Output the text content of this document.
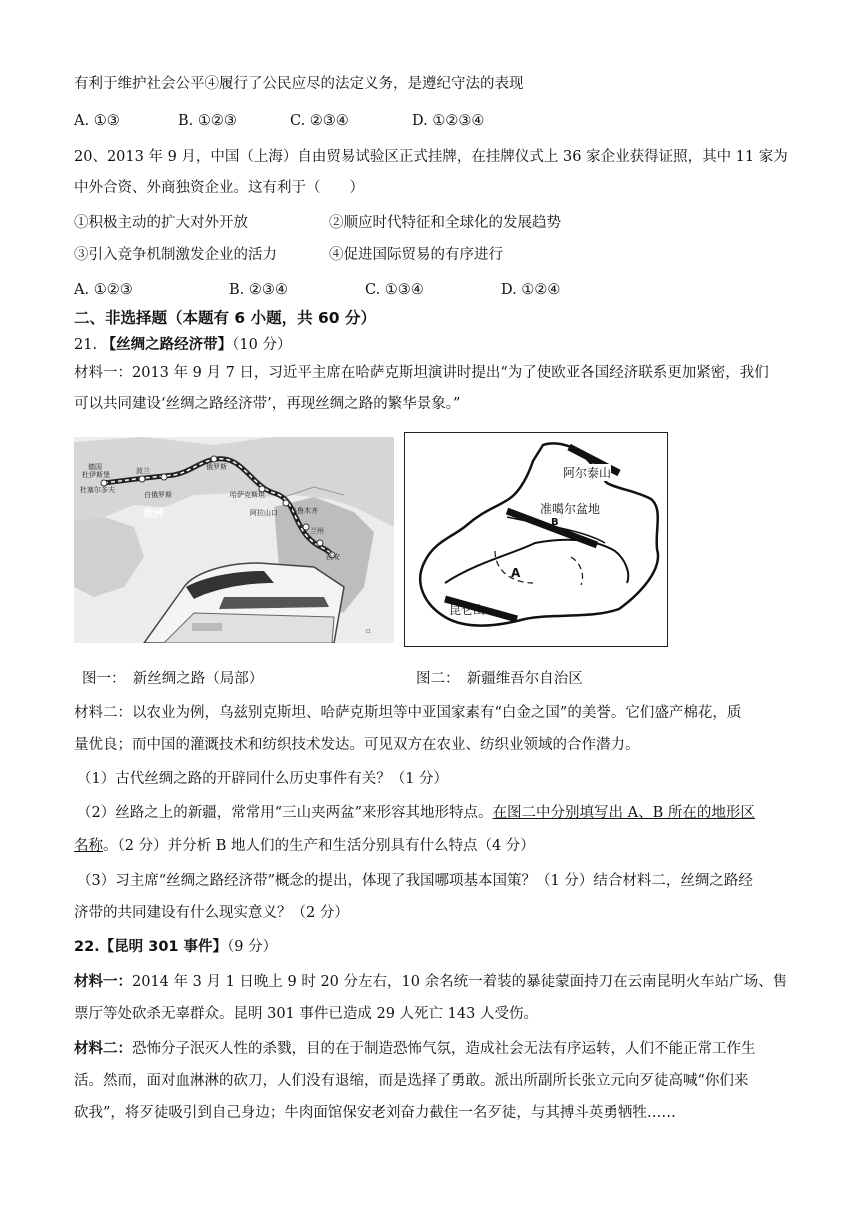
有利于维护社会公平④履行了公民应尽的法定义务，是遵纪守法的表现
A. ①③	B. ①②③	C. ②③④	D. ①②③④
20、2013 年 9 月，中国（上海）自由贸易试验区正式挂牌，在挂牌仪式上 36 家企业获得证照，其中 11 家为
中外合资、外商独资企业。这有利于（　　）
①积极主动的扩大对外开放	②顺应时代特征和全球化的发展趋势
③引入竞争机制激发企业的活力	④促进国际贸易的有序进行
A. ①②③	B. ②③④	C. ①③④	D. ①②④
二、非选择题（本题有 6 小题，共 60 分）
21. 【丝绸之路经济带】（10 分）
材料一：2013 年 9 月 7 日，习近平主席在哈萨克斯坦演讲时提出“为了使欧亚各国经济联系更加紧密，我们
可以共同建设‘丝绸之路经济带’，再现丝绸之路的繁华景象。”
德国
杜伊斯堡
杜塞尔多夫
波兰
白俄罗斯
俄罗斯
哈萨克斯坦
阿拉山口 乌鲁木齐
兰州
西安
欧洲
▫
阿尔泰山
准噶尔盆地
B
A
昆仑山
图一：　新丝绸之路（局部）	图二：　新疆维吾尔自治区
材料二：以农业为例，乌兹别克斯坦、哈萨克斯坦等中亚国家素有“白金之国”的美誉。它们盛产棉花，质
量优良；而中国的灌溉技术和纺织技术发达。可见双方在农业、纺织业领域的合作潜力。
（1）古代丝绸之路的开辟同什么历史事件有关？（1 分）
（2）丝路之上的新疆，常常用“三山夹两盆”来形容其地形特点。在图二中分别填写出 A、B 所在的地形区
名称。（2 分）并分析 B 地人们的生产和生活分别具有什么特点（4 分）
（3）习主席“丝绸之路经济带”概念的提出，体现了我国哪项基本国策？（1 分）结合材料二，丝绸之路经
济带的共同建设有什么现实意义？（2 分）
22.【昆明 301 事件】（9 分）
材料一：2014 年 3 月 1 日晚上 9 时 20 分左右，10 余名统一着装的暴徒蒙面持刀在云南昆明火车站广场、售
票厅等处砍杀无辜群众。昆明 301 事件已造成 29 人死亡 143 人受伤。
材料二：恐怖分子泯灭人性的杀戮，目的在于制造恐怖气氛，造成社会无法有序运转，人们不能正常工作生
活。然而，面对血淋淋的砍刀，人们没有退缩，而是选择了勇敢。派出所副所长张立元向歹徒高喊“你们来
砍我”，将歹徒吸引到自己身边；牛肉面馆保安老刘奋力截住一名歹徒，与其搏斗英勇牺牲……
